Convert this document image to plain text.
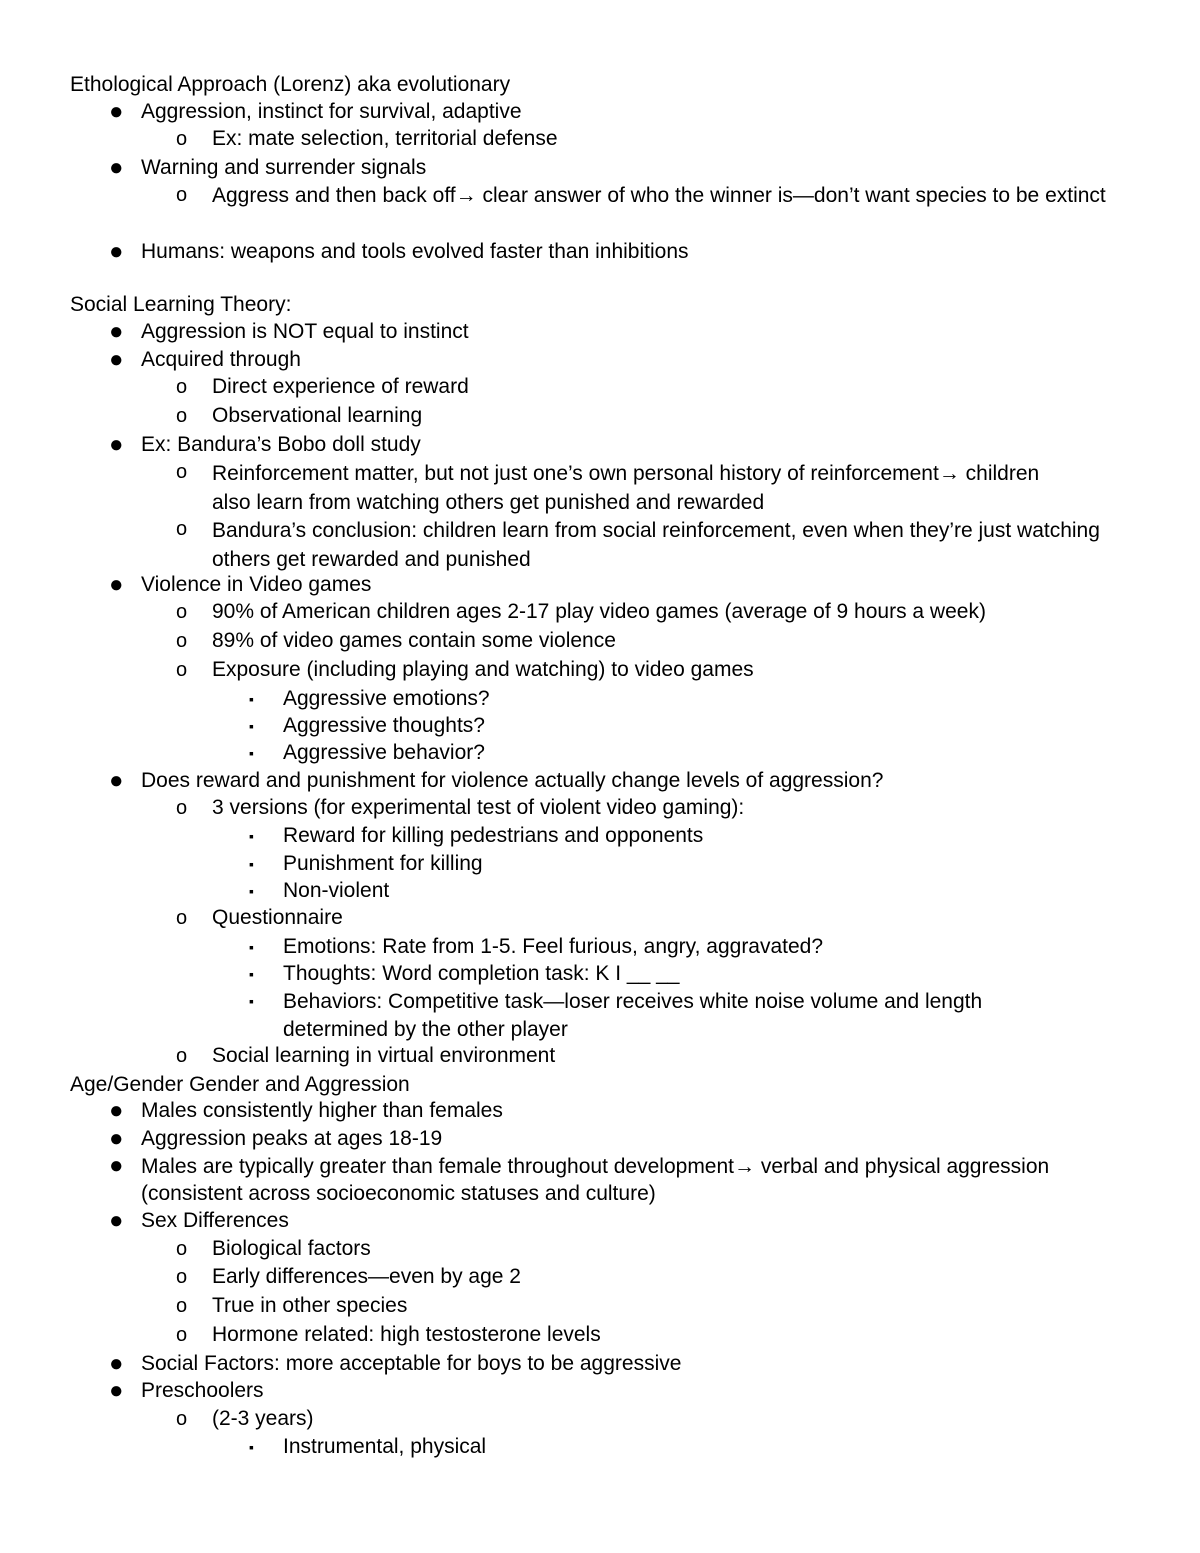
Ethological Approach (Lorenz) aka evolutionary
● Aggression, instinct for survival, adaptive
o Ex: mate selection, territorial defense
● Warning and surrender signals
o Aggress and then back off→ clear answer of who the winner is—don’t want species to be extinct
● Humans: weapons and tools evolved faster than inhibitions
Social Learning Theory:
● Aggression is NOT equal to instinct
● Acquired through
o Direct experience of reward
o Observational learning
● Ex: Bandura’s Bobo doll study
o Reinforcement matter, but not just one’s own personal history of reinforcement→ children also learn from watching others get punished and rewarded
o Bandura’s conclusion: children learn from social reinforcement, even when they’re just watching others get rewarded and punished
● Violence in Video games
o 90% of American children ages 2-17 play video games (average of 9 hours a week)
o 89% of video games contain some violence
o Exposure (including playing and watching) to video games
▪ Aggressive emotions?
▪ Aggressive thoughts?
▪ Aggressive behavior?
● Does reward and punishment for violence actually change levels of aggression?
o 3 versions (for experimental test of violent video gaming):
▪ Reward for killing pedestrians and opponents
▪ Punishment for killing
▪ Non-violent
o Questionnaire
▪ Emotions: Rate from 1-5. Feel furious, angry, aggravated?
▪ Thoughts: Word completion task: K I __ __
▪ Behaviors: Competitive task—loser receives white noise volume and length determined by the other player
o Social learning in virtual environment
Age/Gender Gender and Aggression
● Males consistently higher than females
● Aggression peaks at ages 18-19
● Males are typically greater than female throughout development→ verbal and physical aggression (consistent across socioeconomic statuses and culture)
● Sex Differences
o Biological factors
o Early differences—even by age 2
o True in other species
o Hormone related: high testosterone levels
● Social Factors: more acceptable for boys to be aggressive
● Preschoolers
o (2-3 years)
▪ Instrumental, physical
